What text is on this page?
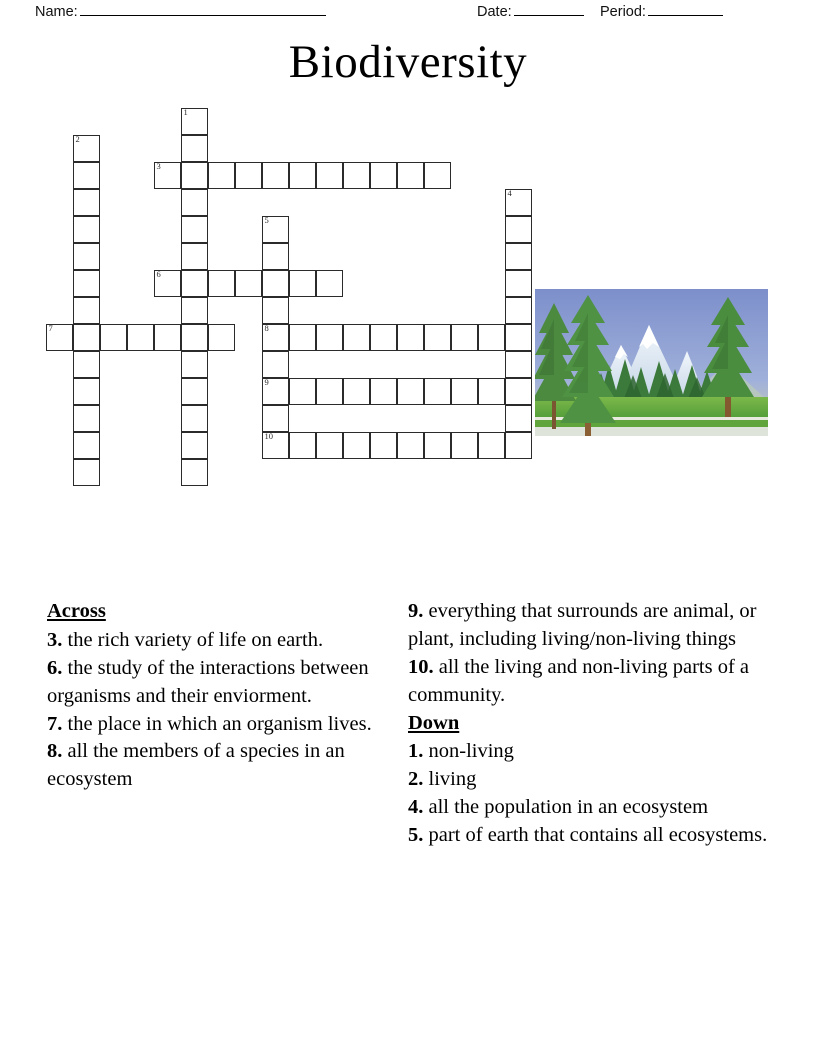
Name:	Date:	Period:
Biodiversity
1
2
3
4
5
8
9
10
6
7
Across
3. the rich variety of life on earth.
6. the study of the interactions between organisms and their enviorment.
7. the place in which an organism lives.
8. all the members of a species in an ecosystem
9. everything that surrounds are animal, or plant, including living/non-living things
10. all the living and non-living parts of a community.
Down
1. non-living
2. living
4. all the population in an ecosystem
5. part of earth that contains all ecosystems.
